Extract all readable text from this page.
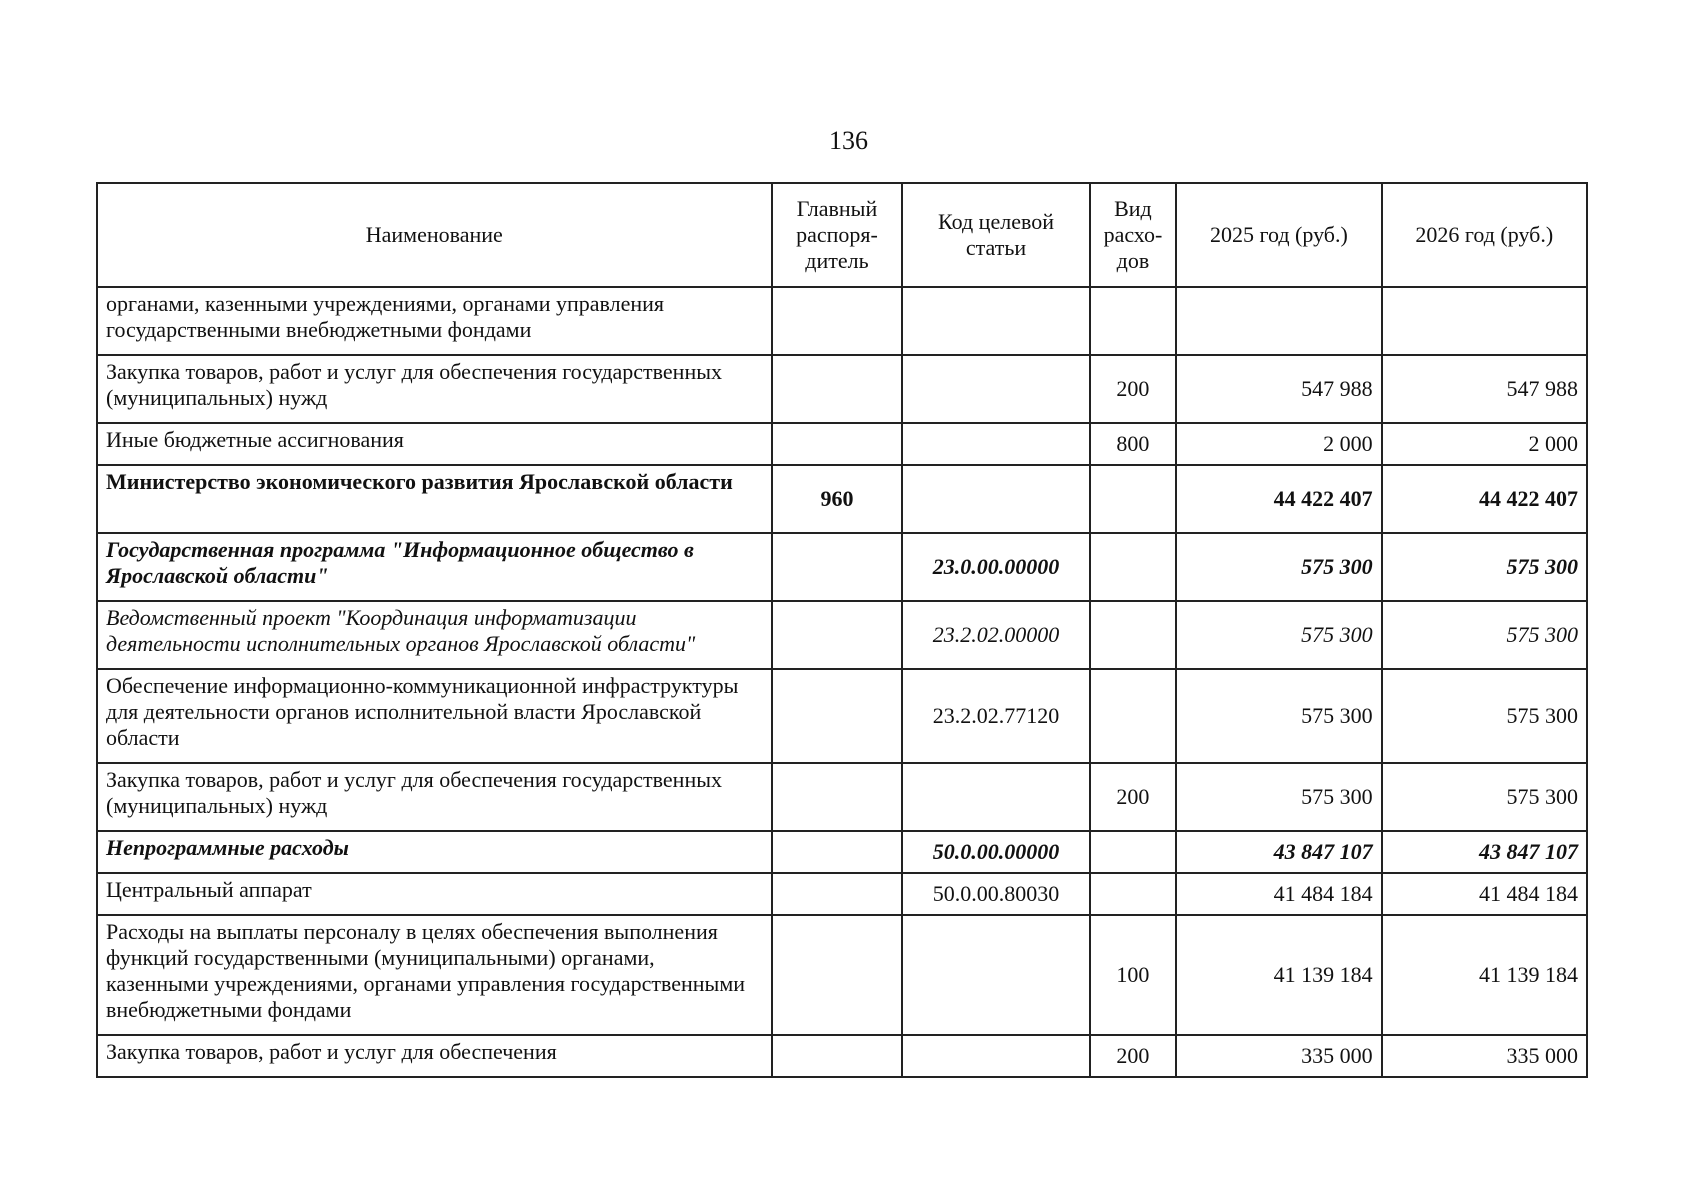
136
Наименование	Главный распоря- дитель	Код целевой статьи	Вид расхо- дов	2025 год (руб.)	2026 год (руб.)
органами, казенными учреждениями, органами управления государственными внебюджетными фондами					
Закупка товаров, работ и услуг для обеспечения государственных (муниципальных) нужд			200	547 988	547 988
Иные бюджетные ассигнования			800	2 000	2 000
Министерство экономического развития Ярославской области	960			44 422 407	44 422 407
Государственная программа "Информационное общество в Ярославской области"		23.0.00.00000		575 300	575 300
Ведомственный проект "Координация информатизации деятельности исполнительных органов Ярославской области"		23.2.02.00000		575 300	575 300
Обеспечение информационно-коммуникационной инфраструктуры для деятельности органов исполнительной власти Ярославской области		23.2.02.77120		575 300	575 300
Закупка товаров, работ и услуг для обеспечения государственных (муниципальных) нужд			200	575 300	575 300
Непрограммные расходы		50.0.00.00000		43 847 107	43 847 107
Центральный аппарат		50.0.00.80030		41 484 184	41 484 184
Расходы на выплаты персоналу в целях обеспечения выполнения функций государственными (муниципальными) органами, казенными учреждениями, органами управления государственными внебюджетными фондами			100	41 139 184	41 139 184
Закупка товаров, работ и услуг для обеспечения			200	335 000	335 000
